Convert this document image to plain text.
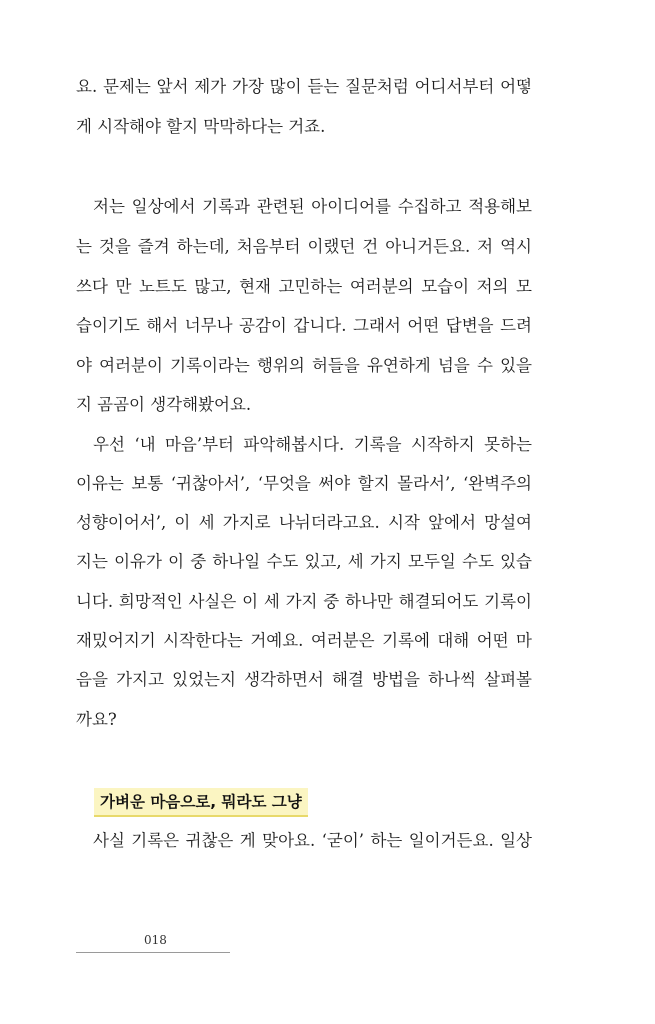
요. 문제는 앞서 제가 가장 많이 듣는 질문처럼 어디서부터 어떻
게 시작해야 할지 막막하다는 거죠.
저는 일상에서 기록과 관련된 아이디어를 수집하고 적용해보
는 것을 즐겨 하는데, 처음부터 이랬던 건 아니거든요. 저 역시
쓰다 만 노트도 많고, 현재 고민하는 여러분의 모습이 저의 모
습이기도 해서 너무나 공감이 갑니다. 그래서 어떤 답변을 드려
야 여러분이 기록이라는 행위의 허들을 유연하게 넘을 수 있을
지 곰곰이 생각해봤어요.
우선 ‘내 마음’부터 파악해봅시다. 기록을 시작하지 못하는
이유는 보통 ‘귀찮아서’, ‘무엇을 써야 할지 몰라서’, ‘완벽주의
성향이어서’, 이 세 가지로 나뉘더라고요. 시작 앞에서 망설여
지는 이유가 이 중 하나일 수도 있고, 세 가지 모두일 수도 있습
니다. 희망적인 사실은 이 세 가지 중 하나만 해결되어도 기록이
재밌어지기 시작한다는 거예요. 여러분은 기록에 대해 어떤 마
음을 가지고 있었는지 생각하면서 해결 방법을 하나씩 살펴볼
까요?
가벼운 마음으로, 뭐라도 그냥
사실 기록은 귀찮은 게 맞아요. ‘굳이’ 하는 일이거든요. 일상
018
